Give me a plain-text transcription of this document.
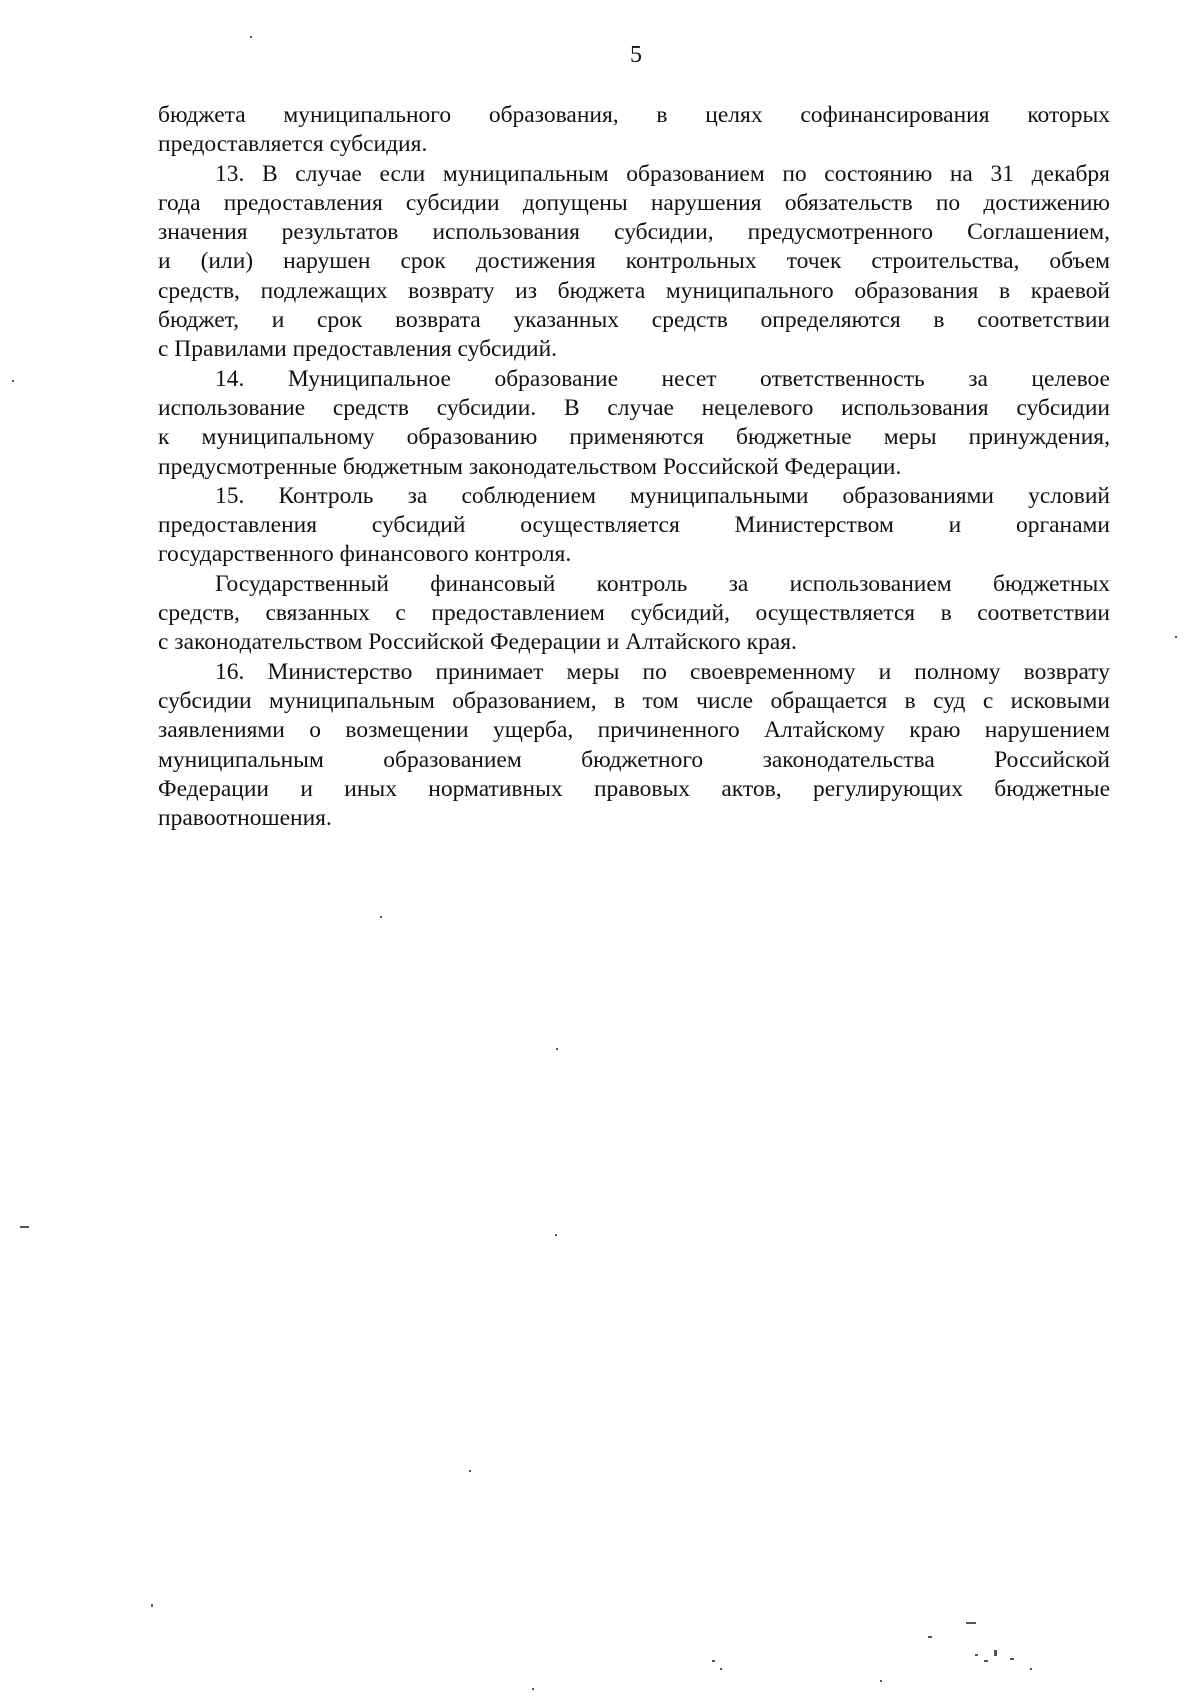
5
бюджета муниципального образования, в целях софинансирования которых
предоставляется субсидия.
13. В случае если муниципальным образованием по состоянию на 31 декабря
года предоставления субсидии допущены нарушения обязательств по достижению
значения результатов использования субсидии, предусмотренного Соглашением,
и (или) нарушен срок достижения контрольных точек строительства, объем
средств, подлежащих возврату из бюджета муниципального образования в краевой
бюджет, и срок возврата указанных средств определяются в соответствии
с Правилами предоставления субсидий.
14. Муниципальное образование несет ответственность за целевое
использование средств субсидии. В случае нецелевого использования субсидии
к муниципальному образованию применяются бюджетные меры принуждения,
предусмотренные бюджетным законодательством Российской Федерации.
15. Контроль за соблюдением муниципальными образованиями условий
предоставления субсидий осуществляется Министерством и органами
государственного финансового контроля.
Государственный финансовый контроль за использованием бюджетных
средств, связанных с предоставлением субсидий, осуществляется в соответствии
с законодательством Российской Федерации и Алтайского края.
16. Министерство принимает меры по своевременному и полному возврату
субсидии муниципальным образованием, в том числе обращается в суд с исковыми
заявлениями о возмещении ущерба, причиненного Алтайскому краю нарушением
муниципальным образованием бюджетного законодательства Российской
Федерации и иных нормативных правовых актов, регулирующих бюджетные
правоотношения.
